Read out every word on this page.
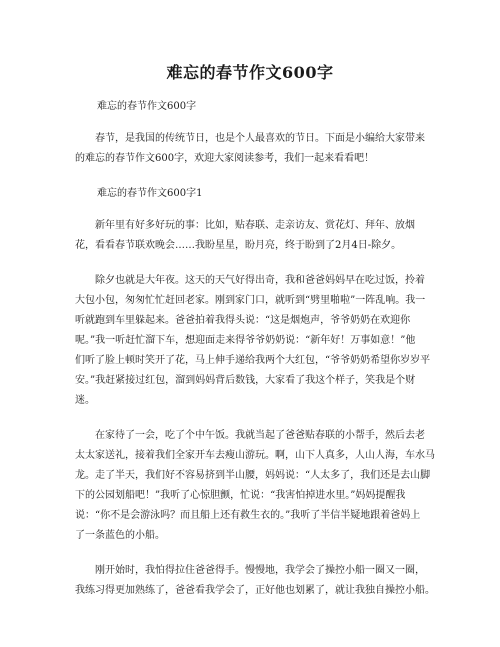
难忘的春节作文600字
难忘的春节作文600字
春节，是我国的传统节日，也是个人最喜欢的节日。下面是小编给大家带来
的难忘的春节作文600字，欢迎大家阅读参考，我们一起来看看吧！
难忘的春节作文600字1
新年里有好多好玩的事：比如，贴春联、走亲访友、赏花灯、拜年、放烟
花，看看春节联欢晚会……我盼星星，盼月亮，终于盼到了2月4日-除夕。
除夕也就是大年夜。这天的天气好得出奇，我和爸爸妈妈早在吃过饭，拎着
大包小包，匆匆忙忙赶回老家。刚到家门口，就听到“劈里啪啦”一阵乱响。我一
听就跑到车里躲起来。爸爸拍着我得头说：“这是烟炮声，爷爷奶奶在欢迎你
呢。”我一听赶忙溜下车，想迎面走来得爷爷奶奶说：“新年好！万事如意！”他
们听了脸上顿时笑开了花，马上伸手递给我两个大红包，“爷爷奶奶希望你岁岁平
安。”我赶紧接过红包，溜到妈妈背后数钱，大家看了我这个样子，笑我是个财
迷。
在家待了一会，吃了个中午饭。我就当起了爸爸贴春联的小帮手，然后去老
太太家送礼，接着我们全家开车去瘦山游玩。啊，山下人真多，人山人海，车水马
龙。走了半天，我们好不容易挤到半山腰，妈妈说：“人太多了，我们还是去山脚
下的公园划船吧！”我听了心惊胆颤，忙说：“我害怕掉进水里。”妈妈提醒我
说：“你不是会游泳吗？而且船上还有救生衣的。”我听了半信半疑地跟着爸妈上
了一条蓝色的小船。
刚开始时，我怕得拉住爸爸得手。慢慢地，我学会了操控小船一圈又一圈，
我练习得更加熟练了，爸爸看我学会了，正好他也划累了，就让我独自操控小船。
